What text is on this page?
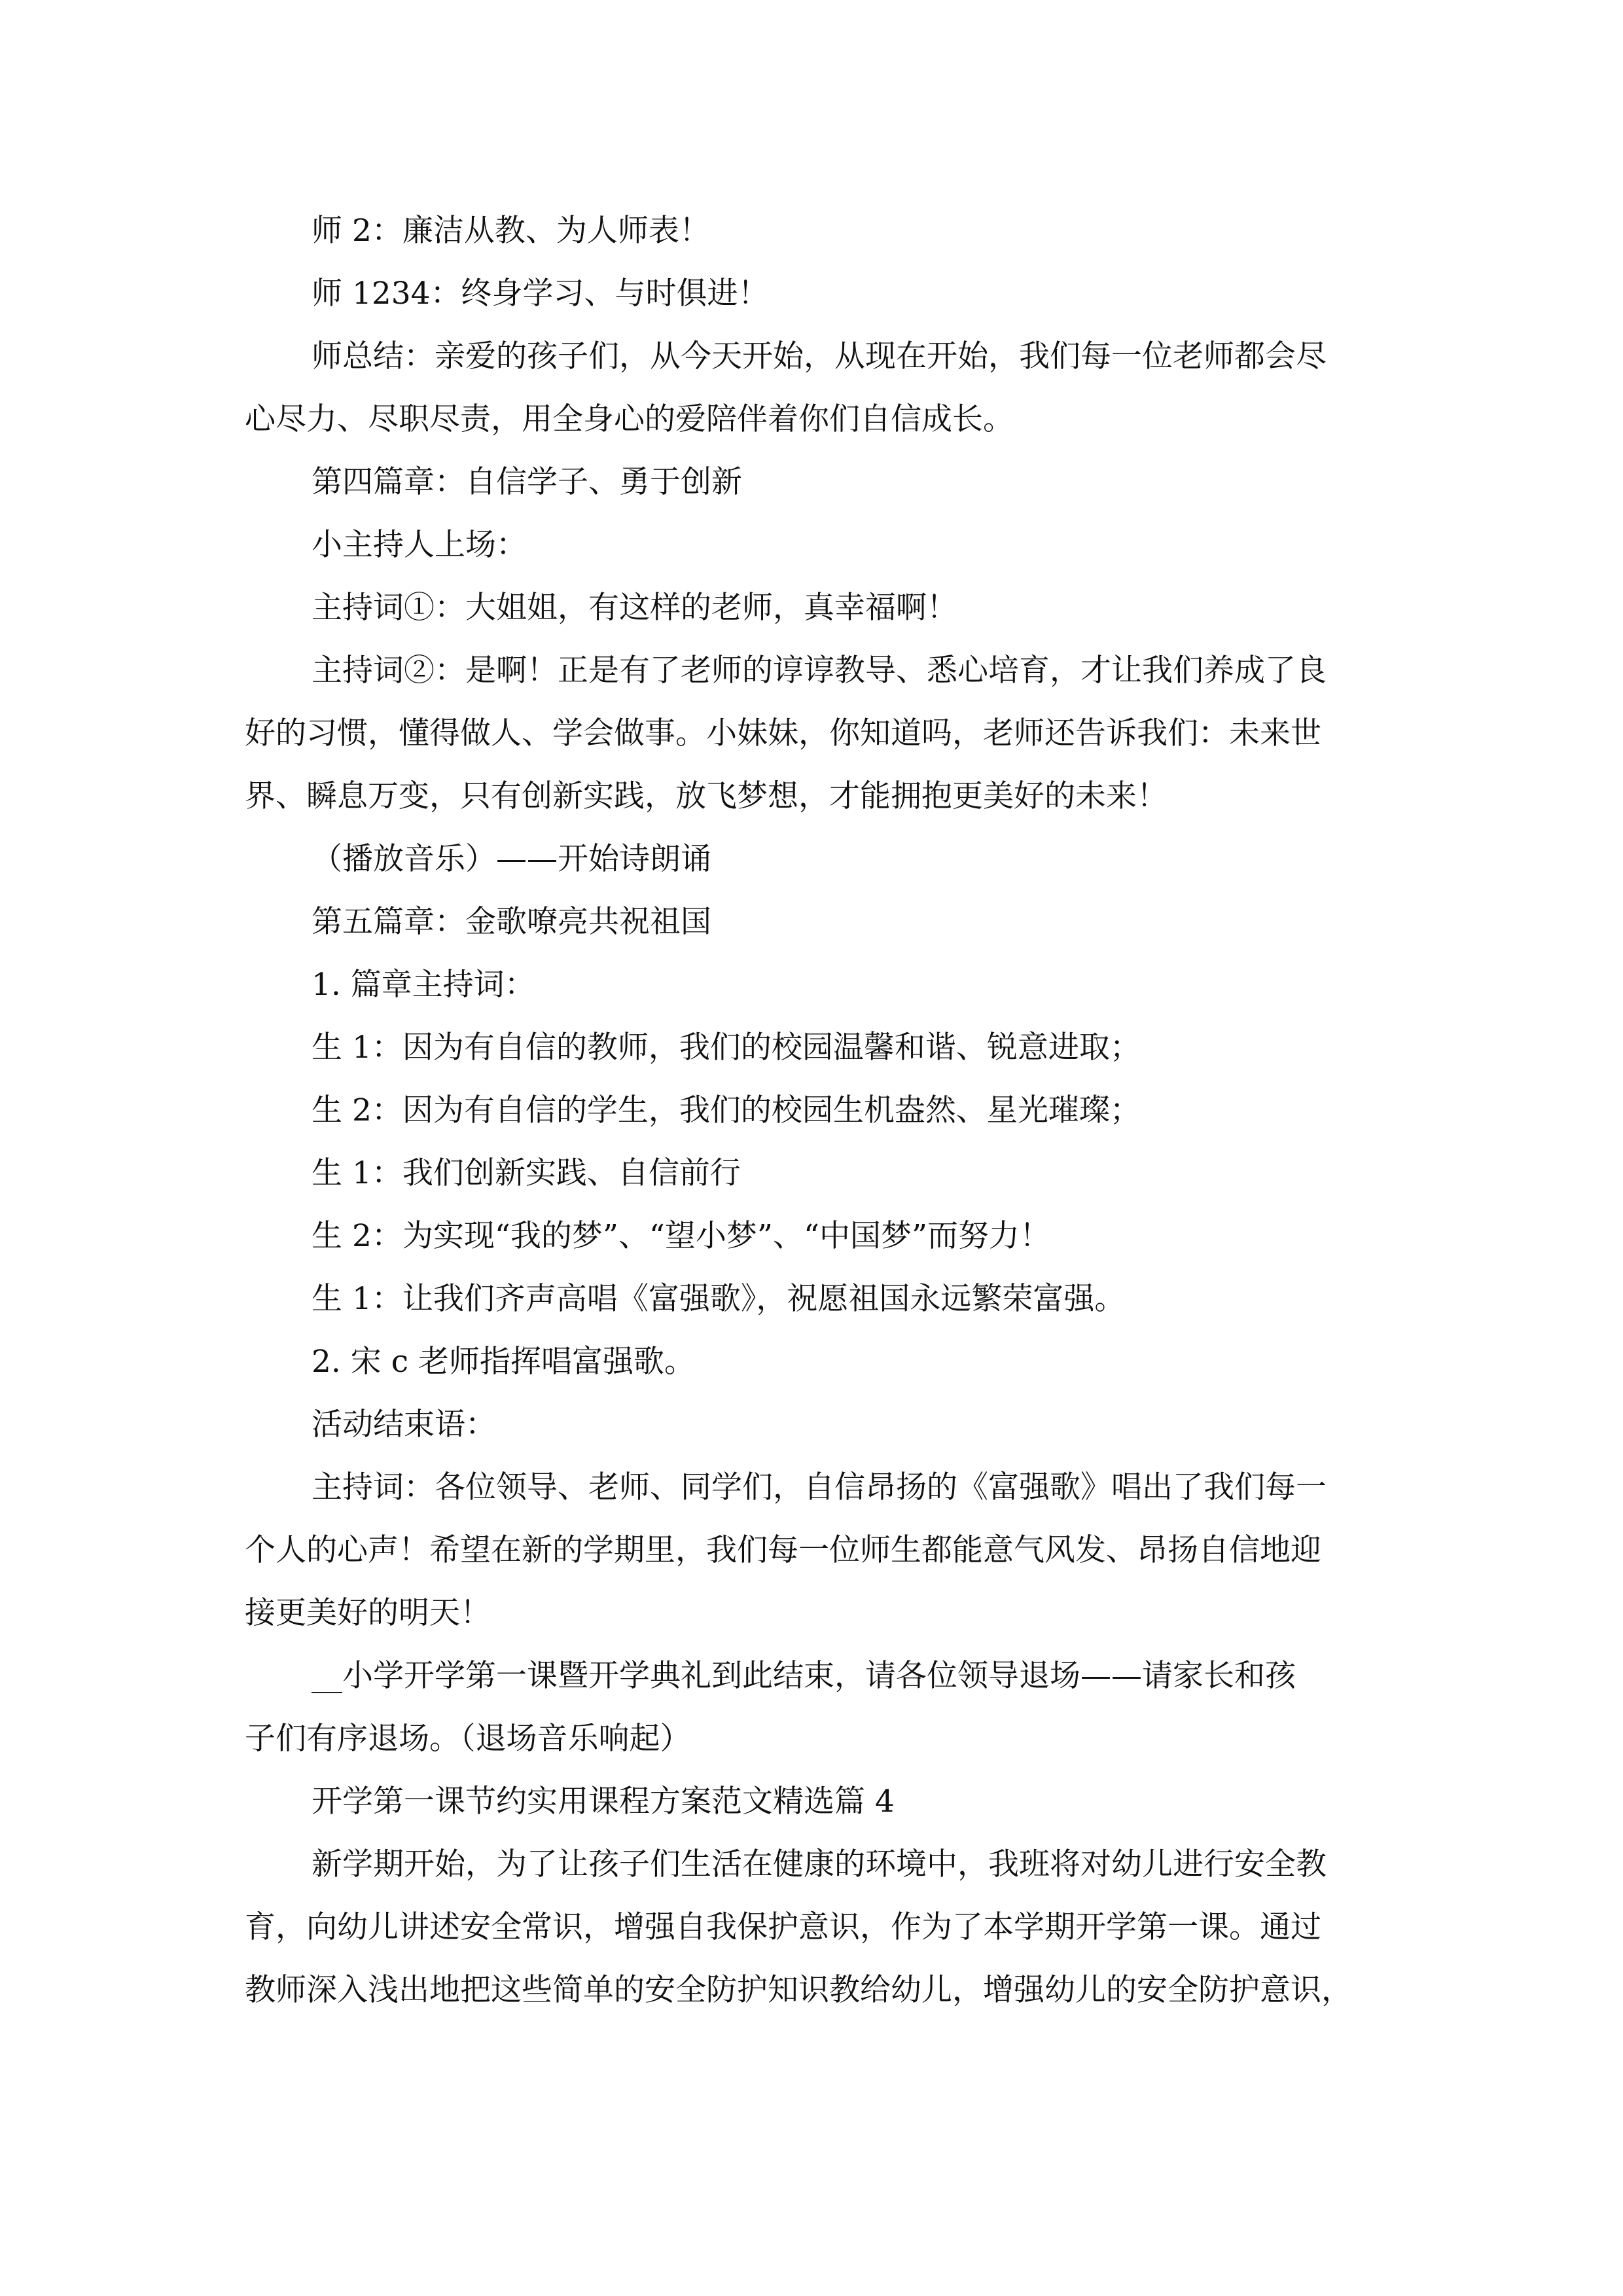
师 2：廉洁从教、为人师表！
师 1234：终身学习、与时俱进！
师总结：亲爱的孩子们，从今天开始，从现在开始，我们每一位老师都会尽
心尽力、尽职尽责，用全身心的爱陪伴着你们自信成长。
第四篇章：自信学子、勇于创新
小主持人上场：
主持词①：大姐姐，有这样的老师，真幸福啊！
主持词②：是啊！正是有了老师的谆谆教导、悉心培育，才让我们养成了良
好的习惯，懂得做人、学会做事。小妹妹，你知道吗，老师还告诉我们：未来世
界、瞬息万变，只有创新实践，放飞梦想，才能拥抱更美好的未来！
（播放音乐）——开始诗朗诵
第五篇章：金歌嘹亮共祝祖国
1. 篇章主持词：
生 1：因为有自信的教师，我们的校园温馨和谐、锐意进取；
生 2：因为有自信的学生，我们的校园生机盎然、星光璀璨；
生 1：我们创新实践、自信前行
生 2：为实现“我的梦”、“望小梦”、“中国梦”而努力！
生 1：让我们齐声高唱《富强歌》，祝愿祖国永远繁荣富强。
2. 宋 c 老师指挥唱富强歌。
活动结束语：
主持词：各位领导、老师、同学们，自信昂扬的《富强歌》唱出了我们每一
个人的心声！希望在新的学期里，我们每一位师生都能意气风发、昂扬自信地迎
接更美好的明天！
__小学开学第一课暨开学典礼到此结束，请各位领导退场——请家长和孩
子们有序退场。（退场音乐响起）
开学第一课节约实用课程方案范文精选篇 4
新学期开始，为了让孩子们生活在健康的环境中，我班将对幼儿进行安全教
育，向幼儿讲述安全常识，增强自我保护意识，作为了本学期开学第一课。通过
教师深入浅出地把这些简单的安全防护知识教给幼儿，增强幼儿的安全防护意识，
